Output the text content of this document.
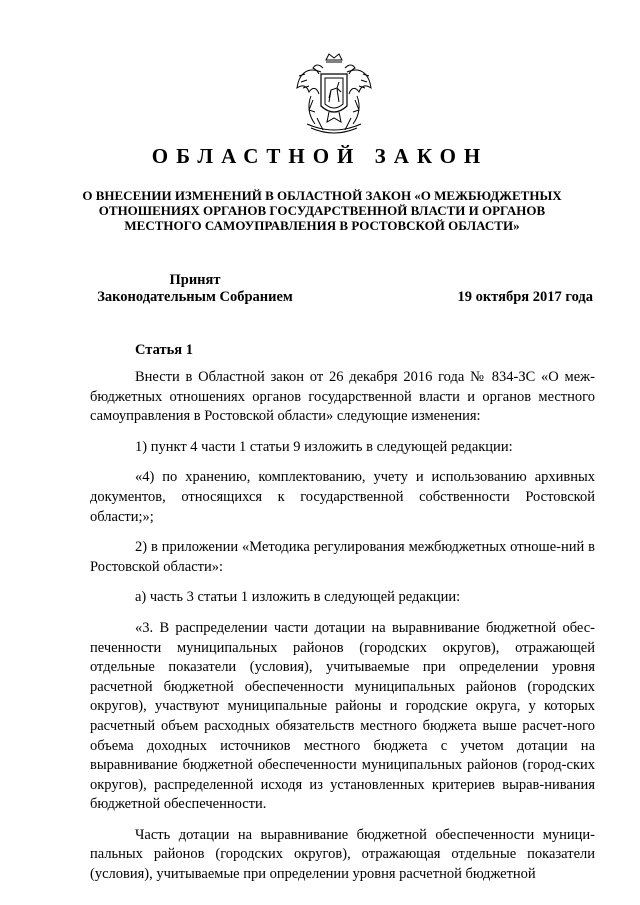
ОБЛАСТНОЙ ЗАКОН
О ВНЕСЕНИИ ИЗМЕНЕНИЙ В ОБЛАСТНОЙ ЗАКОН «О МЕЖБЮДЖЕТНЫХ
ОТНОШЕНИЯХ ОРГАНОВ ГОСУДАРСТВЕННОЙ ВЛАСТИ И ОРГАНОВ
МЕСТНОГО САМОУПРАВЛЕНИЯ В РОСТОВСКОЙ ОБЛАСТИ»
Принят
Законодательным Собранием	19 октября 2017 года
Статья 1

Внести в Областной закон от 26 декабря 2016 года № 834-ЗС «О меж-бюджетных отношениях органов государственной власти и органов местного самоуправления в Ростовской области» следующие изменения:

1) пункт 4 части 1 статьи 9 изложить в следующей редакции:

«4) по хранению, комплектованию, учету и использованию архивных документов, относящихся к государственной собственности Ростовской области;»;

2) в приложении «Методика регулирования межбюджетных отноше-ний в Ростовской области»:

а) часть 3 статьи 1 изложить в следующей редакции:

«3. В распределении части дотации на выравнивание бюджетной обес-печенности муниципальных районов (городских округов), отражающей отдельные показатели (условия), учитываемые при определении уровня расчетной бюджетной обеспеченности муниципальных районов (городских округов), участвуют муниципальные районы и городские округа, у которых расчетный объем расходных обязательств местного бюджета выше расчет-ного объема доходных источников местного бюджета с учетом дотации на выравнивание бюджетной обеспеченности муниципальных районов (город-ских округов), распределенной исходя из установленных критериев вырав-нивания бюджетной обеспеченности.

Часть дотации на выравнивание бюджетной обеспеченности муници-пальных районов (городских округов), отражающая отдельные показатели (условия), учитываемые при определении уровня расчетной бюджетной
